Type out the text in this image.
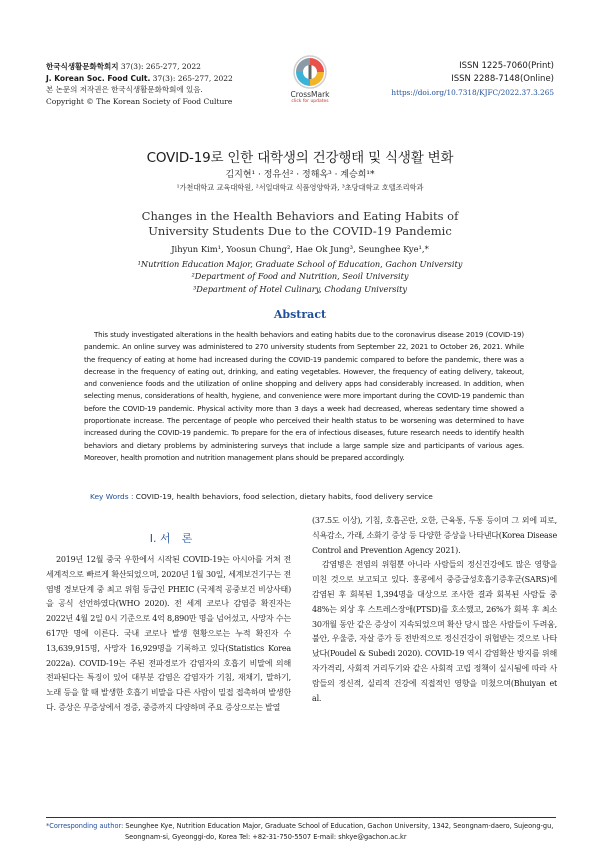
한국식생활문화학회지 37(3): 265-277, 2022
J. Korean Soc. Food Cult. 37(3): 265-277, 2022
본 논문의 저작권은 한국식생활문화학회에 있음.
Copyright © The Korean Society of Food Culture
CrossMark
click for updates
ISSN 1225-7060(Print)
ISSN 2288-7148(Online)
https://doi.org/10.7318/KJFC/2022.37.3.265
COVID-19로 인한 대학생의 건강행태 및 식생활 변화
김지현¹ · 정유선² · 정해옥³ · 계승희¹*
¹가천대학교 교육대학원, ²서일대학교 식품영양학과, ³초당대학교 호텔조리학과
Changes in the Health Behaviors and Eating Habits of
University Students Due to the COVID-19 Pandemic
Jihyun Kim¹, Yoosun Chung², Hae Ok Jung³, Seunghee Kye¹,*
¹Nutrition Education Major, Graduate School of Education, Gachon University
²Department of Food and Nutrition, Seoil University
³Department of Hotel Culinary, Chodang University
Abstract

This study investigated alterations in the health behaviors and eating habits due to the coronavirus disease 2019 (COVID-19) pandemic. An online survey was administered to 270 university students from September 22, 2021 to October 26, 2021. While the frequency of eating at home had increased during the COVID-19 pandemic compared to before the pandemic, there was a decrease in the frequency of eating out, drinking, and eating vegetables. However, the frequency of eating delivery, takeout, and convenience foods and the utilization of online shopping and delivery apps had considerably increased. In addition, when selecting menus, considerations of health, hygiene, and convenience were more important during the COVID-19 pandemic than before the COVID-19 pandemic. Physical activity more than 3 days a week had decreased, whereas sedentary time showed a proportionate increase. The percentage of people who perceived their health status to be worsening was determined to have increased during the COVID-19 pandemic. To prepare for the era of infectious diseases, future research needs to identify health behaviors and dietary problems by administering surveys that include a large sample size and participants of various ages. Moreover, health promotion and nutrition management plans should be prepared accordingly.

Key Words : COVID-19, health behaviors, food selection, dietary habits, food delivery service
Ⅰ. 서　론

2019년 12월 중국 우한에서 시작된 COVID-19는 아시아를 거쳐 전 세계적으로 빠르게 확산되었으며, 2020년 1월 30일, 세계보건기구는 전염병 경보단계 중 최고 위험 등급인 PHEIC (국제적 공중보건 비상사태)을 공식 선언하였다(WHO 2020). 전 세계 코로나 감염증 확진자는 2022년 4월 2일 0시 기준으로 4억 8,890만 명을 넘어섰고, 사망자 수는 617만 명에 이른다. 국내 코로나 발생 현황으로는 누적 확진자 수 13,639,915명, 사망자 16,929명을 기록하고 있다(Statistics Korea 2022a). COVID-19는 주된 전파경로가 감염자의 호흡기 비말에 의해 전파된다는 특징이 있어 대부분 감염은 감염자가 기침, 재채기, 말하기, 노래 등을 할 때 발생한 호흡기 비말을 다른 사람이 밀접 접촉하며 발생한다. 증상은 무증상에서 경증, 중증까지 다양하며 주요 증상으로는 발열

(37.5도 이상), 기침, 호흡곤란, 오한, 근육통, 두통 등이며 그 외에 피로, 식욕감소, 가래, 소화기 증상 등 다양한 증상을 나타낸다(Korea Disease Control and Prevention Agency 2021).

감염병은 전염의 위험뿐 아니라 사람들의 정신건강에도 많은 영향을 미친 것으로 보고되고 있다. 홍콩에서 중증급성호흡기증후군(SARS)에 감염된 후 회복된 1,394명을 대상으로 조사한 결과 회복된 사람들 중 48%는 외상 후 스트레스장애(PTSD)를 호소했고, 26%가 회복 후 최소 30개월 동안 같은 증상이 지속되었으며 확산 당시 많은 사람들이 두려움, 불안, 우울증, 자살 증가 등 전반적으로 정신건강이 위협받는 것으로 나타났다(Poudel & Subedi 2020). COVID-19 역시 감염확산 방지를 위해 자가격리, 사회적 거리두기와 같은 사회적 고립 정책이 실시됨에 따라 사람들의 정신적, 실리적 건강에 직접적인 영향을 미쳤으며(Bhuiyan et al.

*Corresponding author: Seunghee Kye, Nutrition Education Major, Graduate School of Education, Gachon University, 1342, Seongnam-daero, Sujeong-gu,
Seongnam-si, Gyeonggi-do, Korea Tel: +82-31-750-5507 E-mail: shkye@gachon.ac.kr
